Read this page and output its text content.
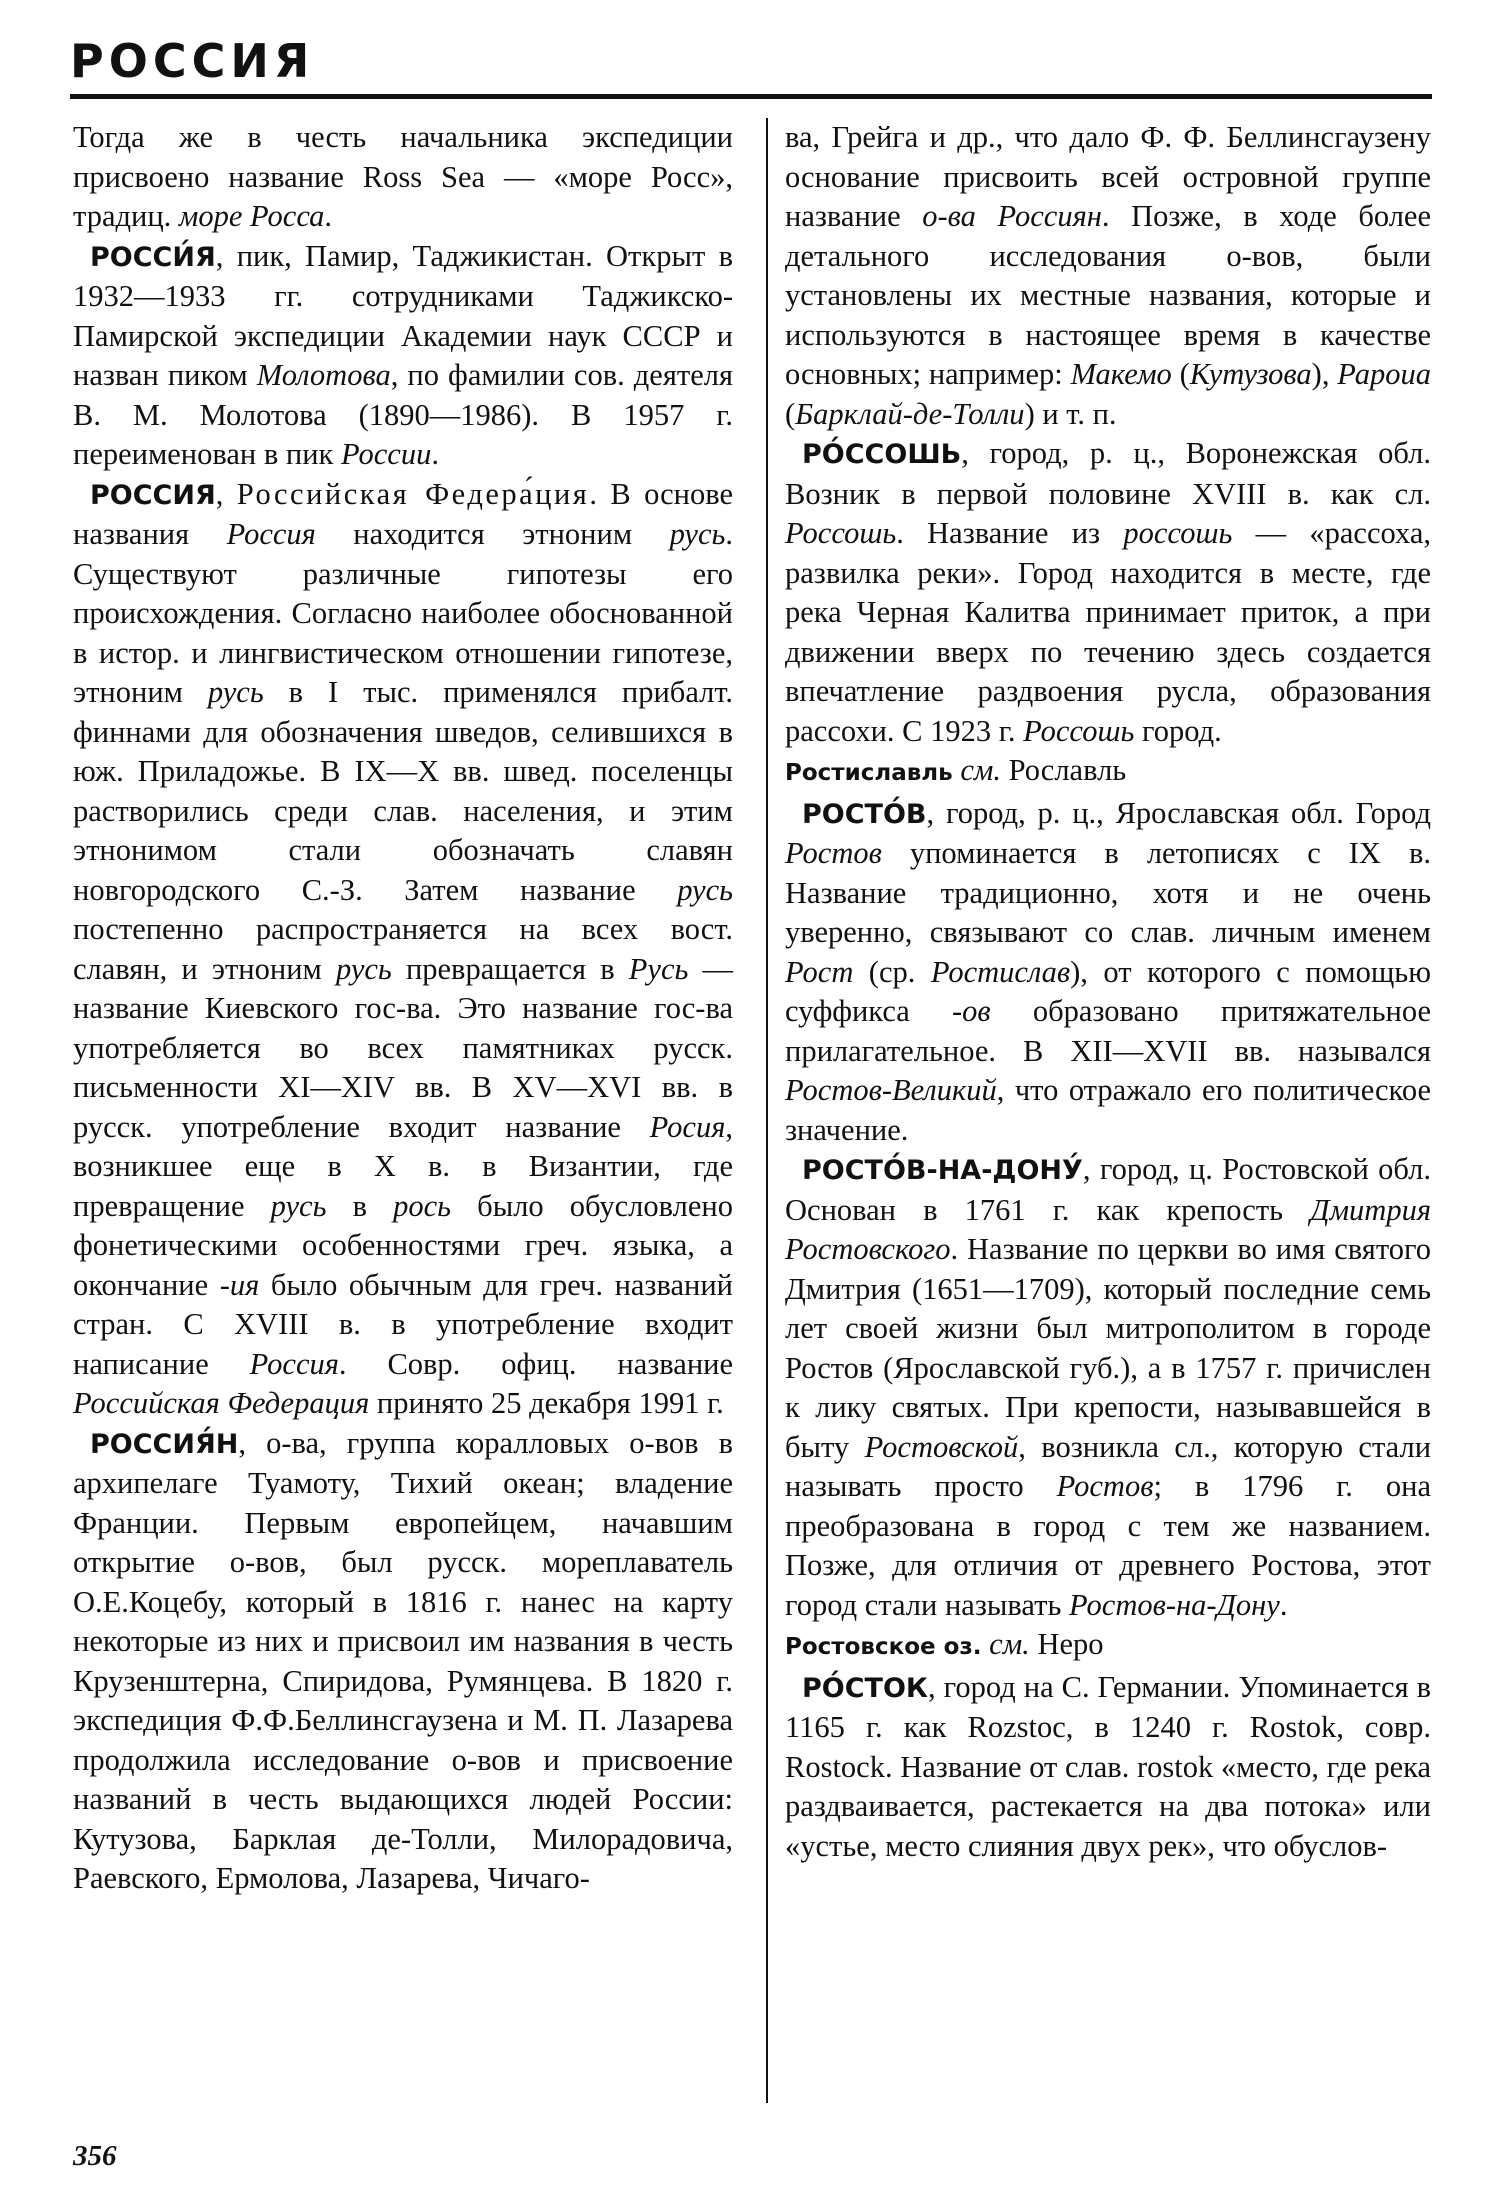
РОССИЯ

Тогда же в честь начальника экспедиции присвоено название Ross Sea — «море Росс», традиц. море Росса.

РОССИ́Я, пик, Памир, Таджикистан. Открыт в 1932—1933 гг. сотрудниками Таджикско-Памирской экспедиции Академии наук СССР и назван пиком Молотова, по фамилии сов. деятеля В. М. Молотова (1890—1986). В 1957 г. переименован в пик России.

РОССИЯ, Российская Федера́ция. В основе названия Россия находится этноним русь. Существуют различные гипотезы его происхождения. Согласно наиболее обоснованной в истор. и лингвистическом отношении гипотезе, этноним русь в I тыс. применялся прибалт. финнами для обозначения шведов, селившихся в юж. Приладожье. В IX—X вв. швед. поселенцы растворились среди слав. населения, и этим этнонимом стали обозначать славян новгородского С.-З. Затем название русь постепенно распространяется на всех вост. славян, и этноним русь превращается в Русь — название Киевского гос-ва. Это название гос-ва употребляется во всех памятниках русск. письменности XI—XIV вв. В XV—XVI вв. в русск. употребление входит название Росия, возникшее еще в X в. в Византии, где превращение русь в рось было обусловлено фонетическими особенностями греч. языка, а окончание -ия было обычным для греч. названий стран. С XVIII в. в употребление входит написание Россия. Совр. офиц. название Российская Федерация принято 25 декабря 1991 г.

РОССИЯ́Н, о-ва, группа коралловых о-вов в архипелаге Туамоту, Тихий океан; владение Франции. Первым европейцем, начавшим открытие о-вов, был русск. мореплаватель О.Е.Коцебу, который в 1816 г. нанес на карту некоторые из них и присвоил им названия в честь Крузенштерна, Спиридова, Румянцева. В 1820 г. экспедиция Ф.Ф.Беллинсгаузена и М. П. Лазарева продолжила исследование о-вов и присвоение названий в честь выдающихся людей России: Кутузова, Барклая де-Толли, Милорадовича, Раевского, Ермолова, Лазарева, Чичаго-

ва, Грейга и др., что дало Ф. Ф. Беллинсгаузену основание присвоить всей островной группе название о-ва Россиян. Позже, в ходе более детального исследования о-вов, были установлены их местные названия, которые и используются в настоящее время в качестве основных; например: Макемо (Кутузова), Рароиа (Барклай-де-Толли) и т. п.

РО́ССОШЬ, город, р. ц., Воронежская обл. Возник в первой половине XVIII в. как сл. Россошь. Название из россошь — «рассоха, развилка реки». Город находится в месте, где река Черная Калитва принимает приток, а при движении вверх по течению здесь создается впечатление раздвоения русла, образования рассохи. С 1923 г. Россошь город.

Ростиславль см. Рославль

РОСТО́В, город, р. ц., Ярославская обл. Город Ростов упоминается в летописях с IX в. Название традиционно, хотя и не очень уверенно, связывают со слав. личным именем Рост (ср. Ростислав), от которого с помощью суффикса -ов образовано притяжательное прилагательное. В XII—XVII вв. назывался Ростов-Великий, что отражало его политическое значение.

РОСТО́В-НА-ДОНУ́, город, ц. Ростовской обл. Основан в 1761 г. как крепость Дмитрия Ростовского. Название по церкви во имя святого Дмитрия (1651—1709), который последние семь лет своей жизни был митрополитом в городе Ростов (Ярославской губ.), а в 1757 г. причислен к лику святых. При крепости, называвшейся в быту Ростовской, возникла сл., которую стали называть просто Ростов; в 1796 г. она преобразована в город с тем же названием. Позже, для отличия от древнего Ростова, этот город стали называть Ростов-на-Дону.

Ростовское оз. см. Неро

РО́СТОК, город на С. Германии. Упоминается в 1165 г. как Rozstoc, в 1240 г. Rostok, совр. Rostock. Название от слав. rostok «место, где река раздваивается, растекается на два потока» или «устье, место слияния двух рек», что обуслов-

356
